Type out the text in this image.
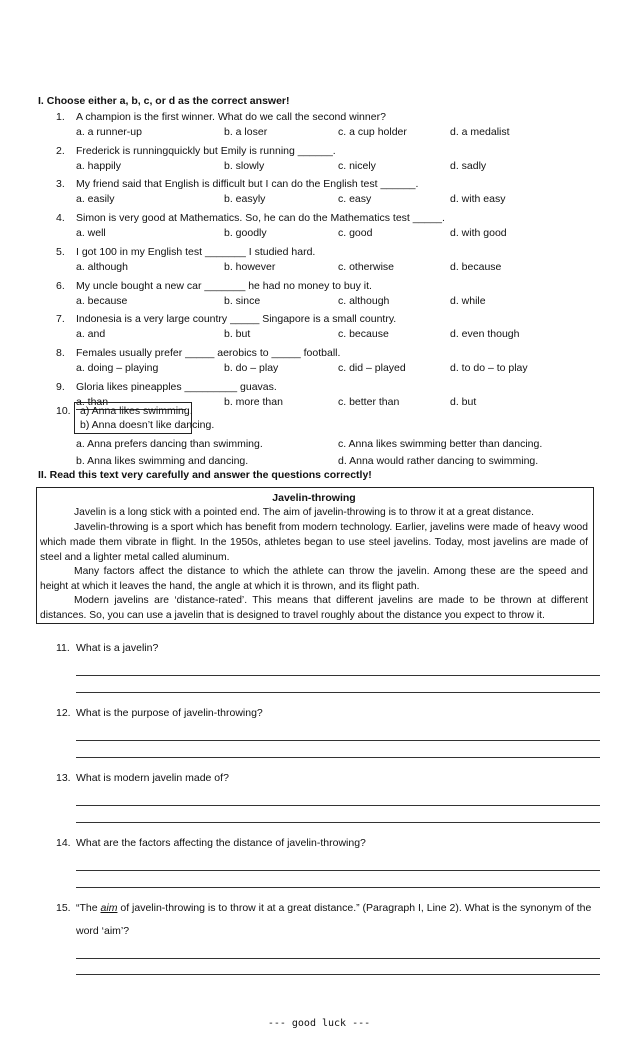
I. Choose either a, b, c, or d as the correct answer!
1. A champion is the first winner. What do we call the second winner?
a. a runner-up	b. a loser	c. a cup holder	d. a medalist
2. Frederick is runningquickly but Emily is running ______.
a. happily	b. slowly	c. nicely	d. sadly
3. My friend said that English is difficult but I can do the English test ______.
a. easily	b. easyly	c. easy	d. with easy
4. Simon is very good at Mathematics. So, he can do the Mathematics test _____.
a. well	b. goodly	c. good	d. with good
5. I got 100 in my English test _______ I studied hard.
a. although	b. however	c. otherwise	d. because
6. My uncle bought a new car _______ he had no money to buy it.
a. because	b. since	c. although	d. while
7. Indonesia is a very large country _____ Singapore is a small country.
a. and	b. but	c. because	d. even though
8. Females usually prefer _____ aerobics to _____ football.
a. doing – playing	b. do – play	c. did – played	d. to do – to play
9. Gloria likes pineapples _________ guavas.
a. than	b. more than	c. better than	d. but
10. a) Anna likes swimming.
b) Anna doesn’t like dancing.
a. Anna prefers dancing than swimming.	c. Anna likes swimming better than dancing.
b. Anna likes swimming and dancing.	d. Anna would rather dancing to swimming.
II. Read this text very carefully and answer the questions correctly!
Javelin-throwing
Javelin is a long stick with a pointed end. The aim of javelin-throwing is to throw it at a great distance.
Javelin-throwing is a sport which has benefit from modern technology. Earlier, javelins were made of heavy wood which made them vibrate in flight. In the 1950s, athletes began to use steel javelins. Today, most javelins are made of steel and a lighter metal called aluminum.
Many factors affect the distance to which the athlete can throw the javelin. Among these are the speed and height at which it leaves the hand, the angle at which it is thrown, and its flight path.
Modern javelins are ‘distance-rated’. This means that different javelins are made to be thrown at different distances. So, you can use a javelin that is designed to travel roughly about the distance you expect to throw it.
11. What is a javelin?
12. What is the purpose of javelin-throwing?
13. What is modern javelin made of?
14. What are the factors affecting the distance of javelin-throwing?
15. “The aim of javelin-throwing is to throw it at a great distance.” (Paragraph I, Line 2). What is the synonym of the
word ‘aim’?
--- good luck ---
